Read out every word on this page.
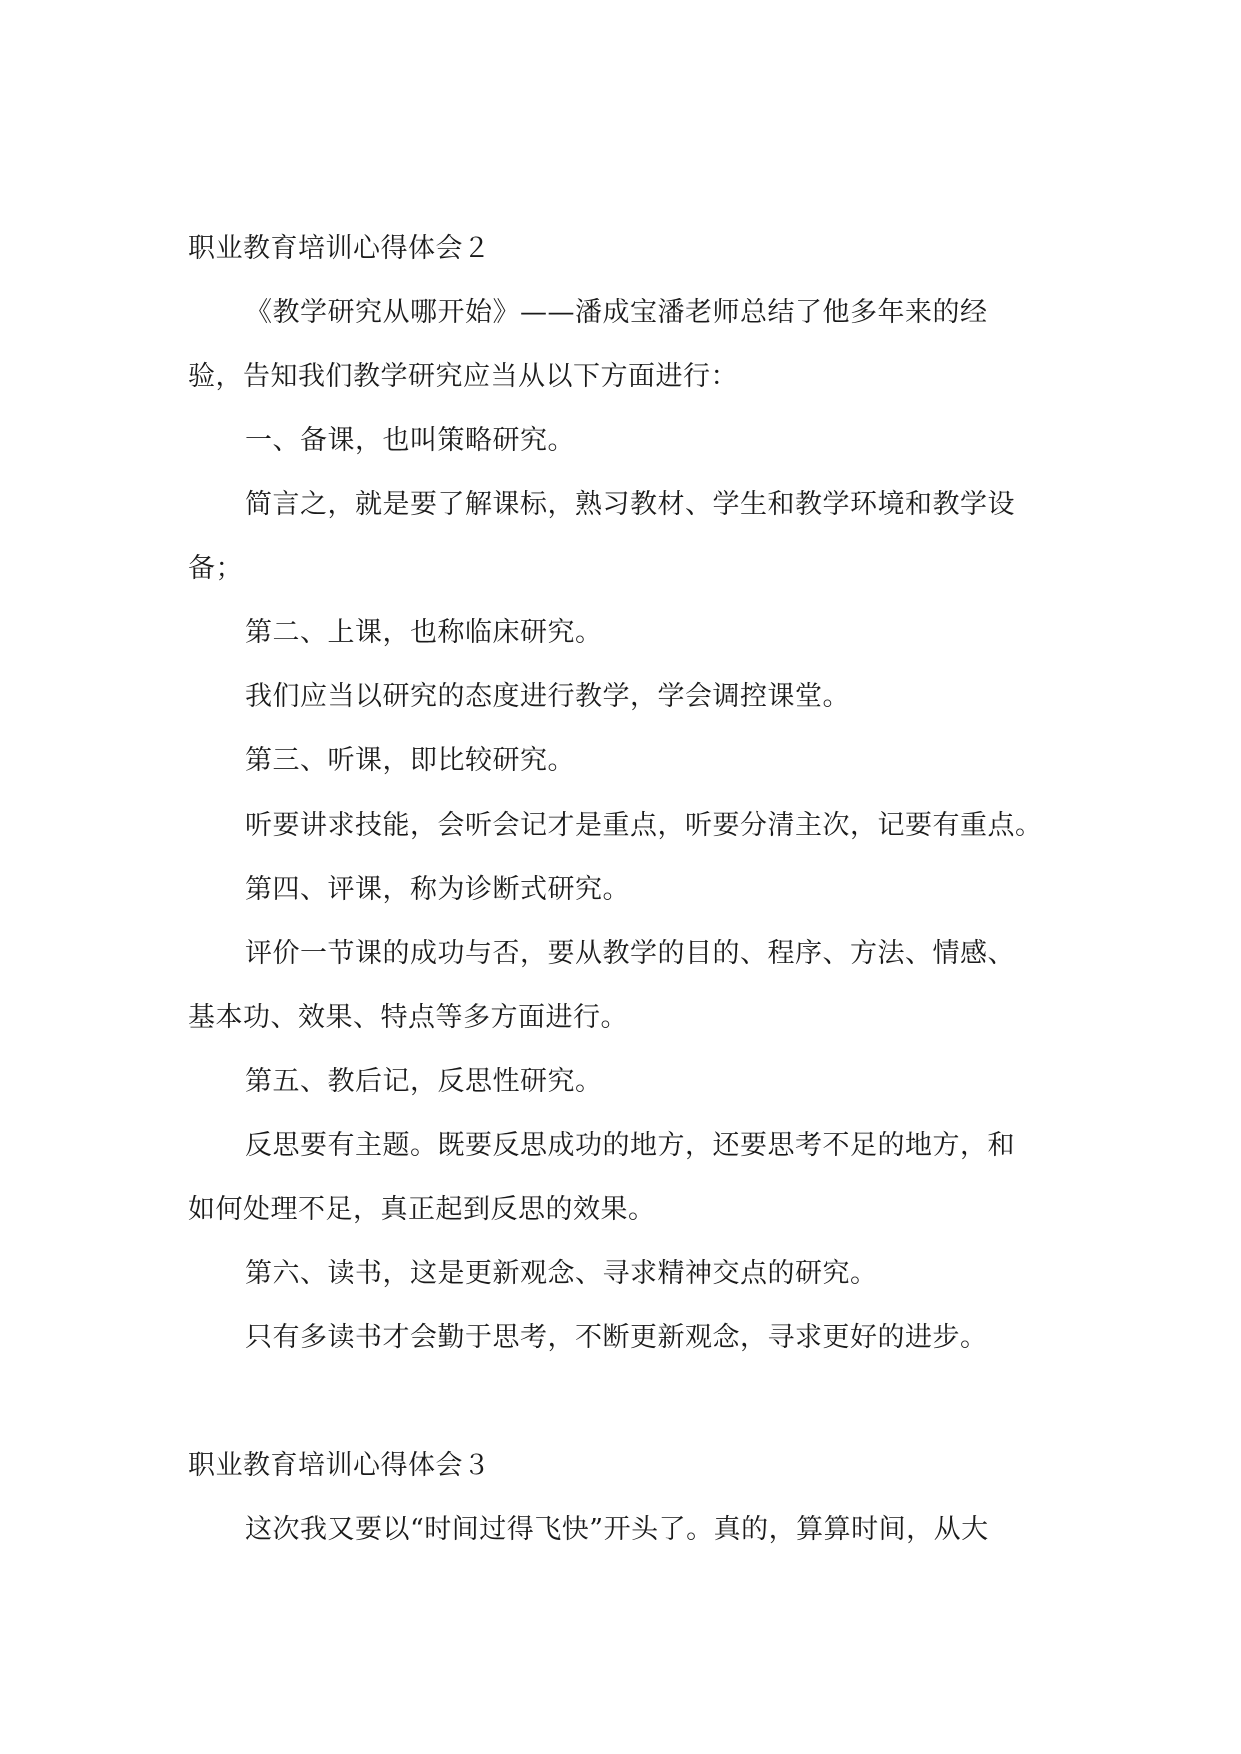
职业教育培训心得体会２
《教学研究从哪开始》——潘成宝潘老师总结了他多年来的经
验，告知我们教学研究应当从以下方面进行：
一、备课，也叫策略研究。
简言之，就是要了解课标，熟习教材、学生和教学环境和教学设
备；
第二、上课，也称临床研究。
我们应当以研究的态度进行教学，学会调控课堂。
第三、听课，即比较研究。
听要讲求技能，会听会记才是重点，听要分清主次，记要有重点。
第四、评课，称为诊断式研究。
评价一节课的成功与否，要从教学的目的、程序、方法、情感、
基本功、效果、特点等多方面进行。
第五、教后记，反思性研究。
反思要有主题。既要反思成功的地方，还要思考不足的地方，和
如何处理不足，真正起到反思的效果。
第六、读书，这是更新观念、寻求精神交点的研究。
只有多读书才会勤于思考，不断更新观念，寻求更好的进步。
职业教育培训心得体会３
这次我又要以“时间过得飞快”开头了。真的，算算时间，从大
